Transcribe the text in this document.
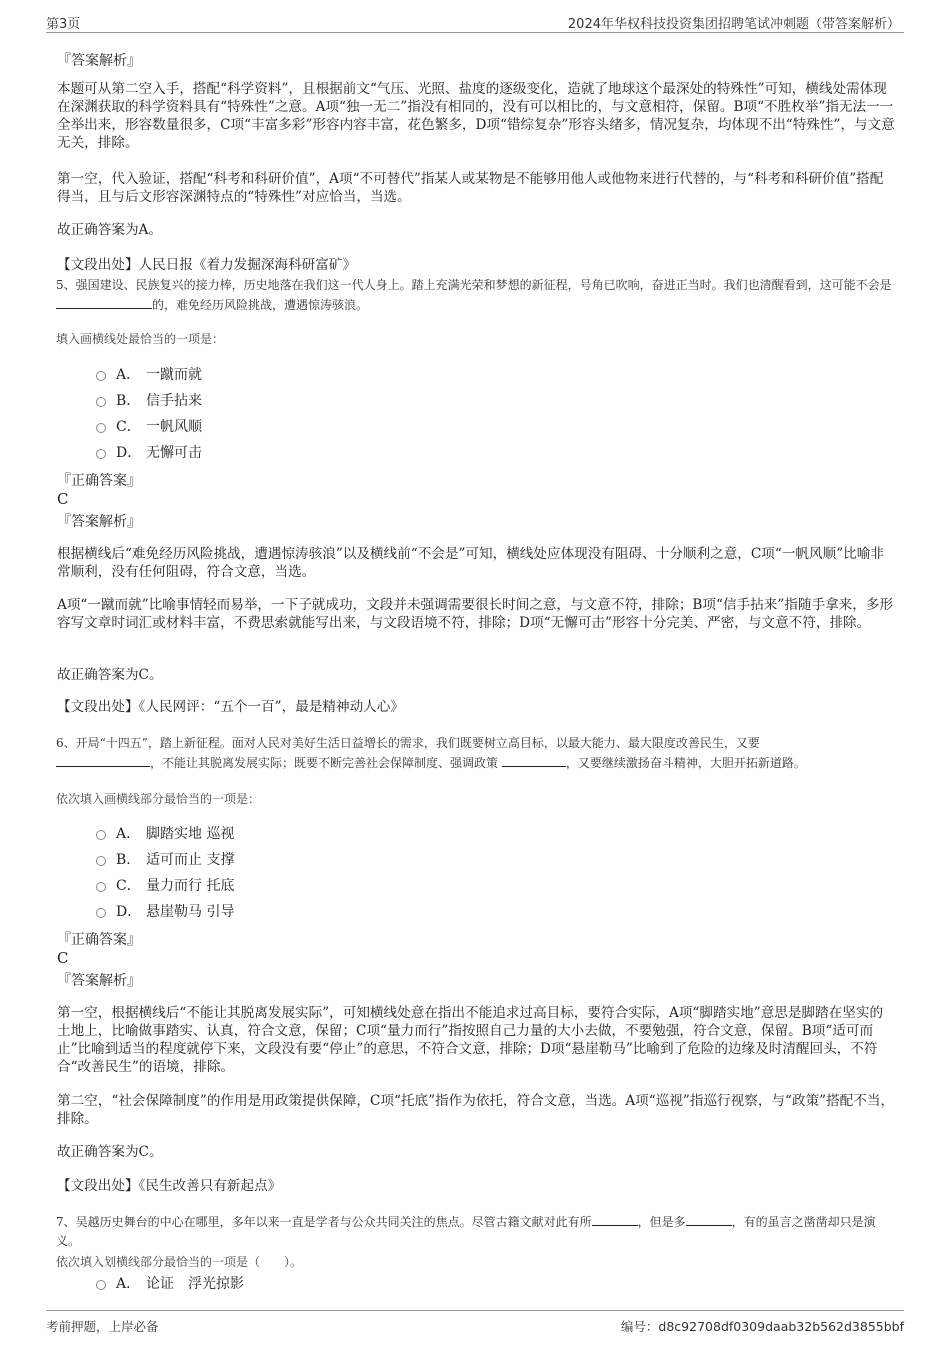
第3页	2024年华权科技投资集团招聘笔试冲刺题（带答案解析）
『答案解析』

本题可从第二空入手，搭配“科学资料”，且根据前文“气压、光照、盐度的逐级变化，造就了地球这个最深处的特殊性”可知，横线处需体现在深渊获取的科学资料具有“特殊性”之意。A项“独一无二”指没有相同的，没有可以相比的，与文意相符，保留。B项“不胜枚举”指无法一一全举出来，形容数量很多，C项“丰富多彩”形容内容丰富，花色繁多，D项“错综复杂”形容头绪多，情况复杂，均体现不出“特殊性”，与文意无关，排除。

第一空，代入验证，搭配“科考和科研价值”，A项“不可替代”指某人或某物是不能够用他人或他物来进行代替的，与“科考和科研价值”搭配得当，且与后文形容深渊特点的“特殊性”对应恰当，当选。

故正确答案为A。
【文段出处】人民日报《着力发掘深海科研富矿》

5、强国建设、民族复兴的接力棒，历史地落在我们这一代人身上。踏上充满光荣和梦想的新征程，号角已吹响，奋进正当时。我们也清醒看到，这可能不会是的，难免经历风险挑战，遭遇惊涛骇浪。

填入画横线处最恰当的一项是：
A． 一蹴而就
B． 信手拈来
C． 一帆风顺
D． 无懈可击
『正确答案』
C
『答案解析』

根据横线后“难免经历风险挑战，遭遇惊涛骇浪”以及横线前“不会是”可知，横线处应体现没有阻碍、十分顺利之意，C项“一帆风顺”比喻非常顺利，没有任何阻碍，符合文意，当选。

A项“一蹴而就”比喻事情轻而易举，一下子就成功，文段并未强调需要很长时间之意，与文意不符，排除；B项“信手拈来”指随手拿来，多形容写文章时词汇或材料丰富，不费思索就能写出来，与文段语境不符，排除；D项“无懈可击”形容十分完美、严密，与文意不符，排除。

故正确答案为C。
【文段出处】《人民网评：“五个一百”，最是精神动人心》

6、开局“十四五”，踏上新征程。面对人民对美好生活日益增长的需求，我们既要树立高目标，以最大能力、最大限度改善民生，又要
，不能让其脱离发展实际；既要不断完善社会保障制度、强调政策	，又要继续激扬奋斗精神，大胆开拓新道路。

依次填入画横线部分最恰当的一项是：
A． 脚踏实地 巡视
B． 适可而止 支撑
C． 量力而行 托底
D． 悬崖勒马 引导
『正确答案』
C
『答案解析』

第一空，根据横线后“不能让其脱离发展实际”，可知横线处意在指出不能追求过高目标，要符合实际，A项“脚踏实地”意思是脚踏在坚实的土地上，比喻做事踏实、认真，符合文意，保留；C项“量力而行”指按照自己力量的大小去做，不要勉强，符合文意，保留。B项“适可而止”比喻到适当的程度就停下来，文段没有要“停止”的意思，不符合文意，排除；D项“悬崖勒马”比喻到了危险的边缘及时清醒回头，不符合“改善民生”的语境，排除。

第二空，“社会保障制度”的作用是用政策提供保障，C项“托底”指作为依托，符合文意，当选。A项“巡视”指巡行视察，与“政策”搭配不当，排除。

故正确答案为C。
【文段出处】《民生改善只有新起点》

7、吴越历史舞台的中心在哪里，多年以来一直是学者与公众共同关注的焦点。尽管古籍文献对此有所	，但是多	，有的虽言之凿凿却只是演义。

依次填入划横线部分最恰当的一项是（　　）。
A． 论证　浮光掠影
考前押题，上岸必备	编号：d8c92708df0309daab32b562d3855bbf
